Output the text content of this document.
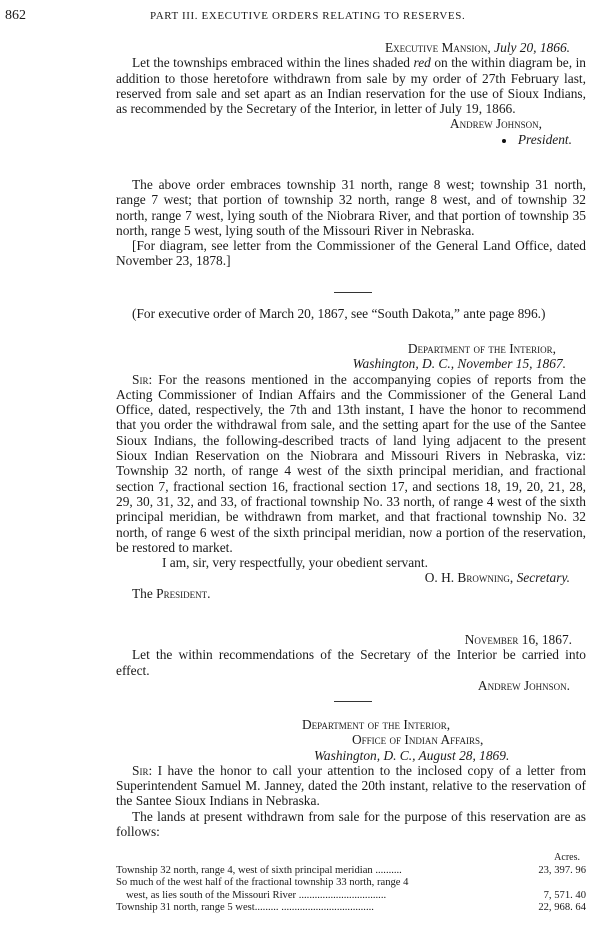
862	PART III. EXECUTIVE ORDERS RELATING TO RESERVES.

Executive Mansion, July 20, 1866.

Let the townships embraced within the lines shaded red on the within diagram be, in addition to those heretofore withdrawn from sale by my order of 27th February last, reserved from sale and set apart as an Indian reservation for the use of Sioux Indians, as recommended by the Secretary of the Interior, in letter of July 19, 1866.

Andrew Johnson,

President.

The above order embraces township 31 north, range 8 west; township 31 north, range 7 west; that portion of township 32 north, range 8 west, and of township 32 north, range 7 west, lying south of the Niobrara River, and that portion of township 35 north, range 5 west, lying south of the Missouri River in Nebraska.

[For diagram, see letter from the Commissioner of the General Land Office, dated November 23, 1878.]

(For executive order of March 20, 1867, see “South Dakota,” ante page 896.)

Department of the Interior,

Washington, D. C., November 15, 1867.

Sir: For the reasons mentioned in the accompanying copies of reports from the Acting Commissioner of Indian Affairs and the Commissioner of the General Land Office, dated, respectively, the 7th and 13th instant, I have the honor to recommend that you order the withdrawal from sale, and the setting apart for the use of the Santee Sioux Indians, the following-described tracts of land lying adjacent to the present Sioux Indian Reservation on the Niobrara and Missouri Rivers in Nebraska, viz: Township 32 north, of range 4 west of the sixth principal meridian, and fractional section 7, fractional section 16, fractional section 17, and sections 18, 19, 20, 21, 28, 29, 30, 31, 32, and 33, of fractional township No. 33 north, of range 4 west of the sixth principal meridian, be withdrawn from market, and that fractional township No. 32 north, of range 6 west of the sixth principal meridian, now a portion of the reservation, be restored to market.

I am, sir, very respectfully, your obedient servant.

O. H. Browning, Secretary.

The President.

November 16, 1867.

Let the within recommendations of the Secretary of the Interior be carried into effect.

Andrew Johnson.

Department of the Interior,

Office of Indian Affairs,

Washington, D. C., August 28, 1869.

Sir: I have the honor to call your attention to the inclosed copy of a letter from Superintendent Samuel M. Janney, dated the 20th instant, relative to the reservation of the Santee Sioux Indians in Nebraska.

The lands at present withdrawn from sale for the purpose of this reservation are as follows:

Acres.
Township 32 north, range 4, west of sixth principal meridian ..........	23, 397. 96
So much of the west half of the fractional township 33 north, range 4
west, as lies south of the Missouri River .................................	7, 571. 40
Township 31 north, range 5 west......... ...................................	22, 968. 64
